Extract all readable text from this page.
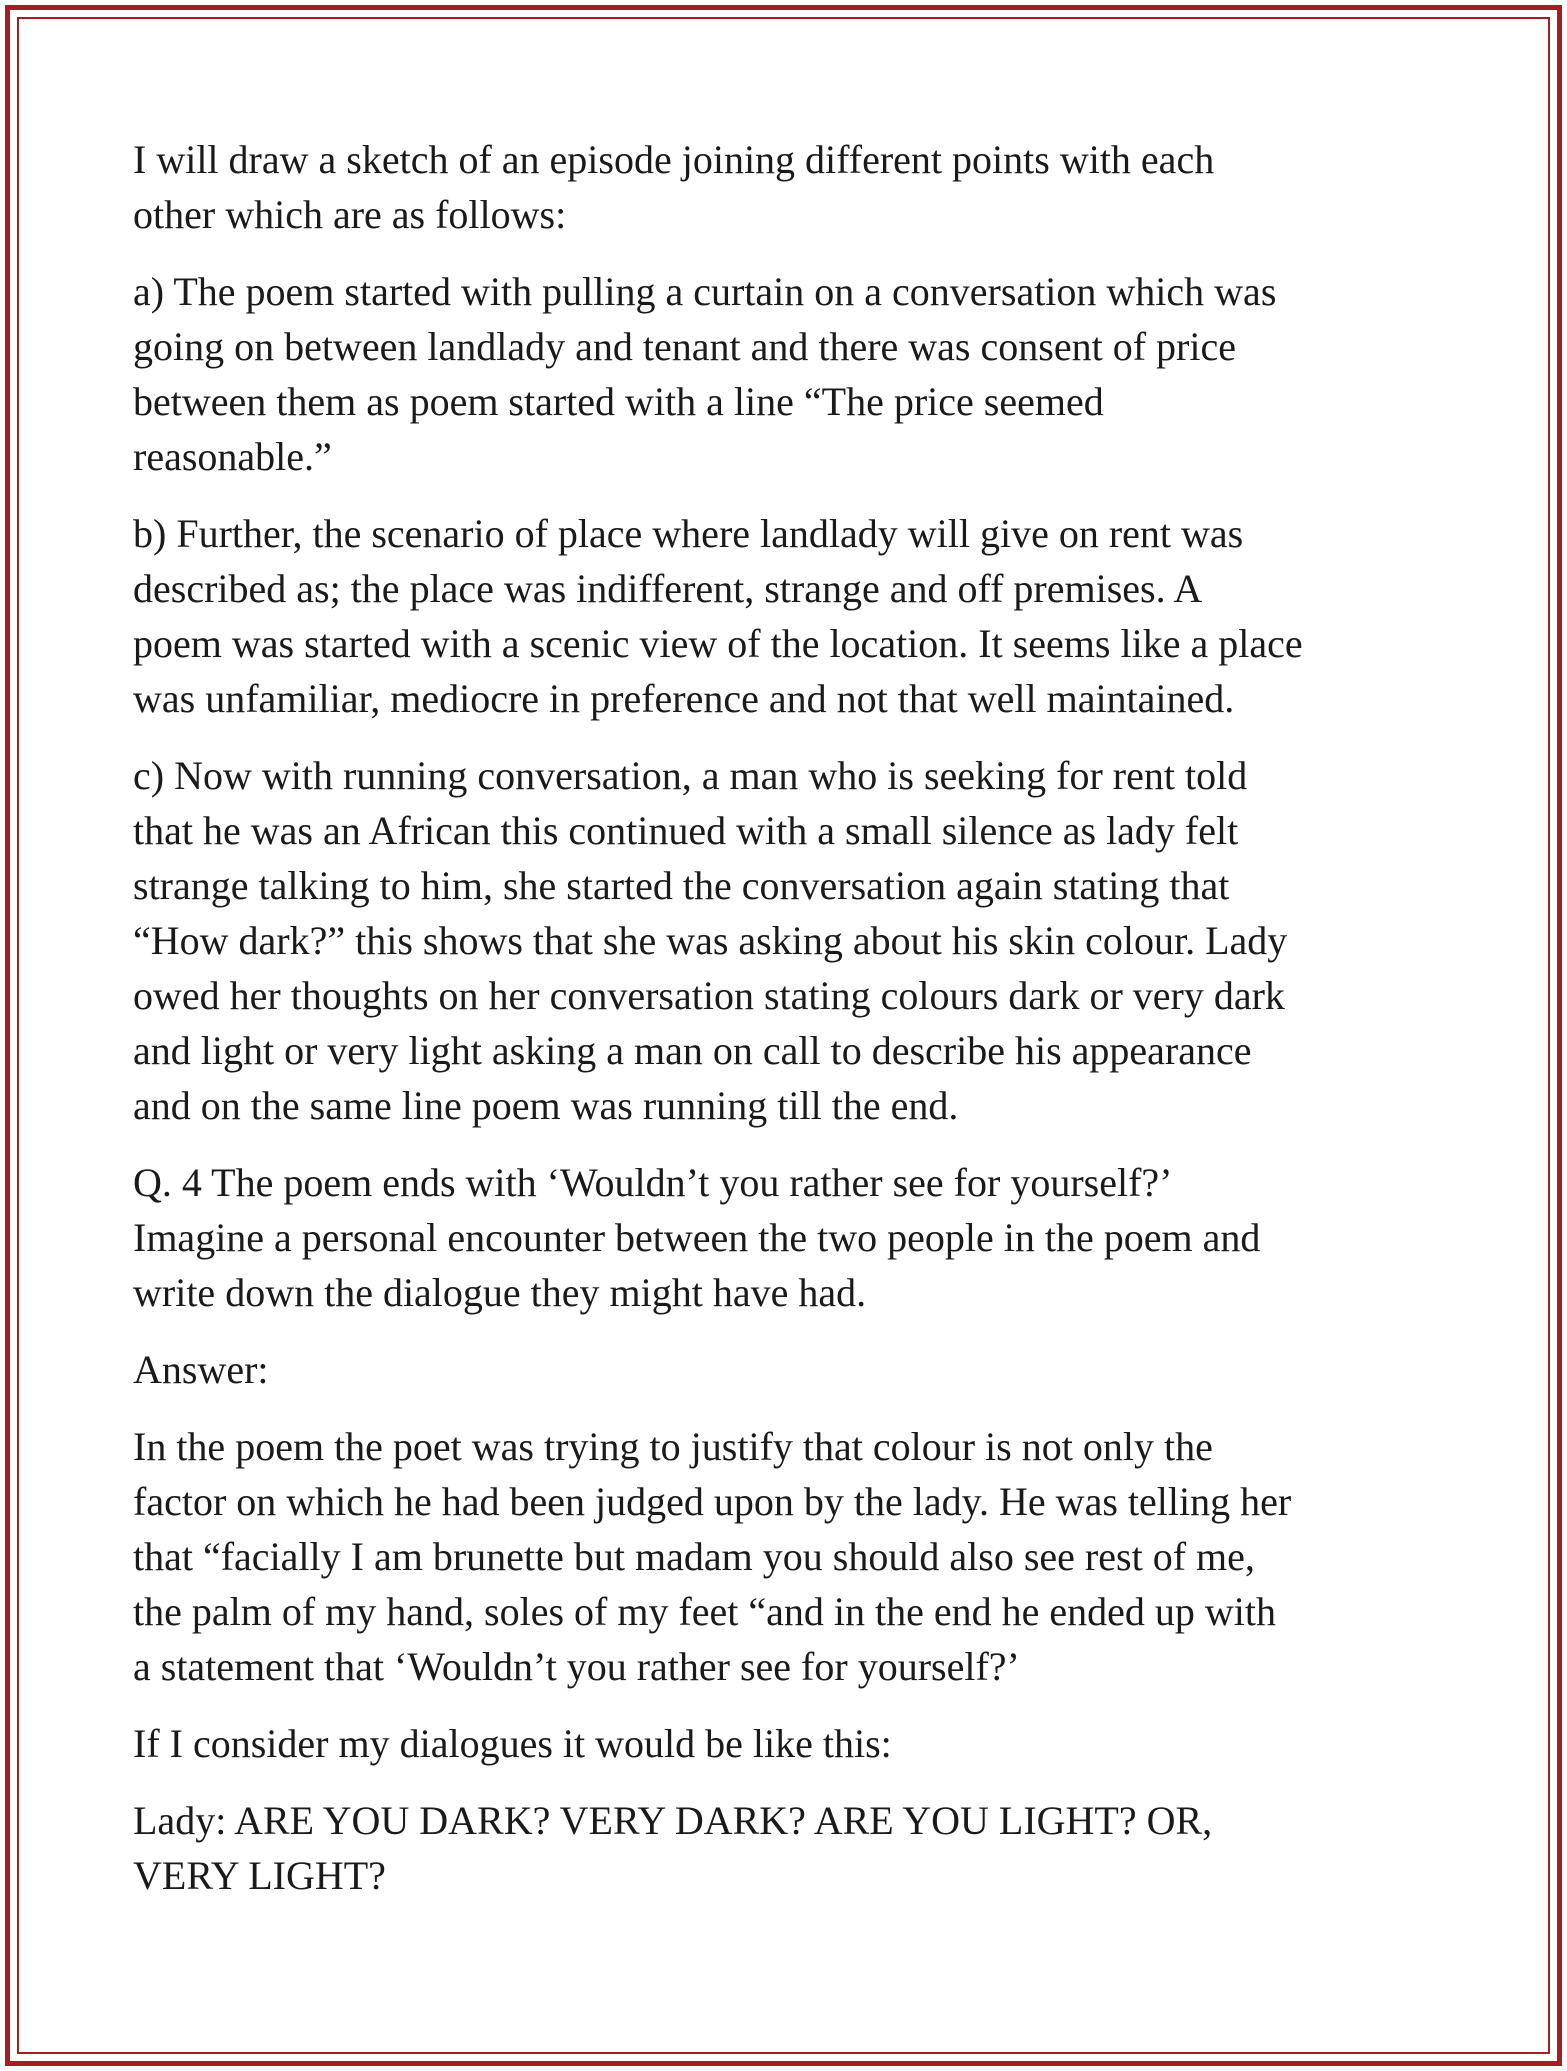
I will draw a sketch of an episode joining different points with each
other which are as follows:

a) The poem started with pulling a curtain on a conversation which was
going on between landlady and tenant and there was consent of price
between them as poem started with a line “The price seemed
reasonable.”

b) Further, the scenario of place where landlady will give on rent was
described as; the place was indifferent, strange and off premises. A
poem was started with a scenic view of the location. It seems like a place
was unfamiliar, mediocre in preference and not that well maintained.

c) Now with running conversation, a man who is seeking for rent told
that he was an African this continued with a small silence as lady felt
strange talking to him, she started the conversation again stating that
“How dark?” this shows that she was asking about his skin colour. Lady
owed her thoughts on her conversation stating colours dark or very dark
and light or very light asking a man on call to describe his appearance
and on the same line poem was running till the end.

Q. 4 The poem ends with ‘Wouldn’t you rather see for yourself?’
Imagine a personal encounter between the two people in the poem and
write down the dialogue they might have had.

Answer:

In the poem the poet was trying to justify that colour is not only the
factor on which he had been judged upon by the lady. He was telling her
that “facially I am brunette but madam you should also see rest of me,
the palm of my hand, soles of my feet “and in the end he ended up with
a statement that ‘Wouldn’t you rather see for yourself?’

If I consider my dialogues it would be like this:

Lady: ARE YOU DARK? VERY DARK? ARE YOU LIGHT? OR,
VERY LIGHT?
